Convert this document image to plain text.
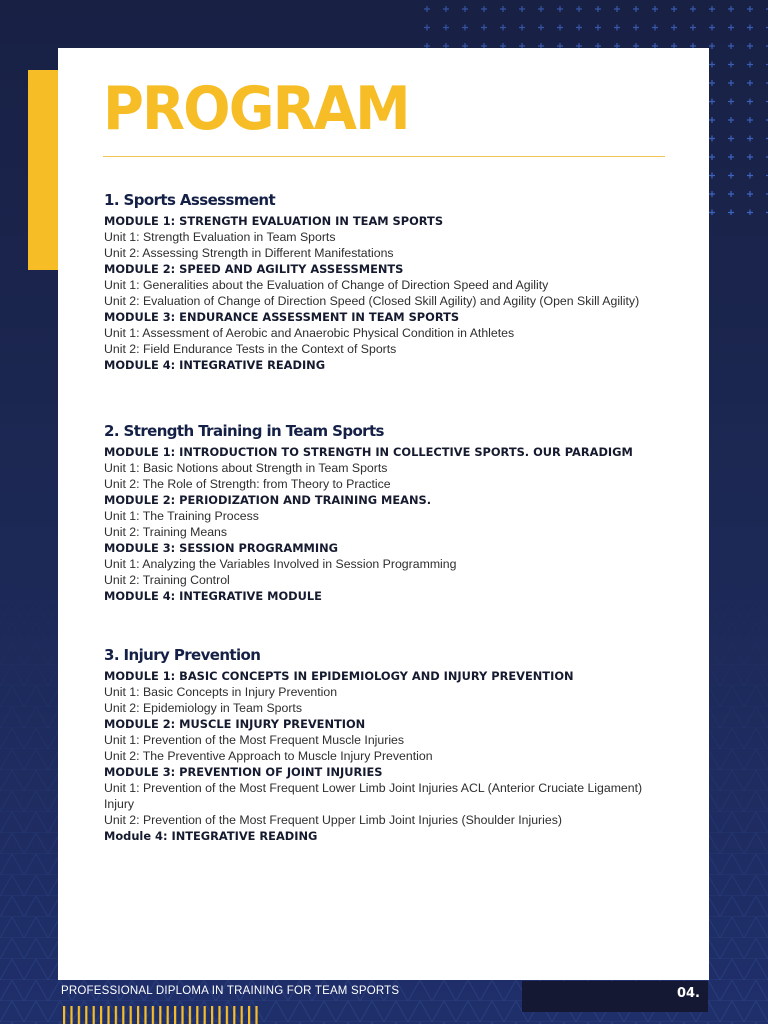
PROGRAM
1. Sports Assessment
MODULE 1: STRENGTH EVALUATION IN TEAM SPORTS
Unit 1: Strength Evaluation in Team Sports
Unit 2: Assessing Strength in Different Manifestations
MODULE 2: SPEED AND AGILITY ASSESSMENTS
Unit 1: Generalities about the Evaluation of Change of Direction Speed and Agility
Unit 2: Evaluation of Change of Direction Speed (Closed Skill Agility) and Agility (Open Skill Agility)
MODULE 3: ENDURANCE ASSESSMENT IN TEAM SPORTS
Unit 1: Assessment of Aerobic and Anaerobic Physical Condition in Athletes
Unit 2: Field Endurance Tests in the Context of Sports
MODULE 4: INTEGRATIVE READING
2. Strength Training in Team Sports
MODULE 1: INTRODUCTION TO STRENGTH IN COLLECTIVE SPORTS. OUR PARADIGM
Unit 1: Basic Notions about Strength in Team Sports
Unit 2: The Role of Strength: from Theory to Practice
MODULE 2: PERIODIZATION AND TRAINING MEANS.
Unit 1: The Training Process
Unit 2: Training Means
MODULE 3: SESSION PROGRAMMING
Unit 1: Analyzing the Variables Involved in Session Programming
Unit 2: Training Control
MODULE 4: INTEGRATIVE MODULE
3. Injury Prevention
MODULE 1: BASIC CONCEPTS IN EPIDEMIOLOGY AND INJURY PREVENTION
Unit 1: Basic Concepts in Injury Prevention
Unit 2: Epidemiology in Team Sports
MODULE 2: MUSCLE INJURY PREVENTION
Unit 1: Prevention of the Most Frequent Muscle Injuries
Unit 2: The Preventive Approach to Muscle Injury Prevention
MODULE 3: PREVENTION OF JOINT INJURIES
Unit 1: Prevention of the Most Frequent Lower Limb Joint Injuries ACL (Anterior Cruciate Ligament) Injury
Unit 2: Prevention of the Most Frequent Upper Limb Joint Injuries (Shoulder Injuries)
Module 4: INTEGRATIVE READING
PROFESSIONAL DIPLOMA IN TRAINING FOR TEAM SPORTS	04.
